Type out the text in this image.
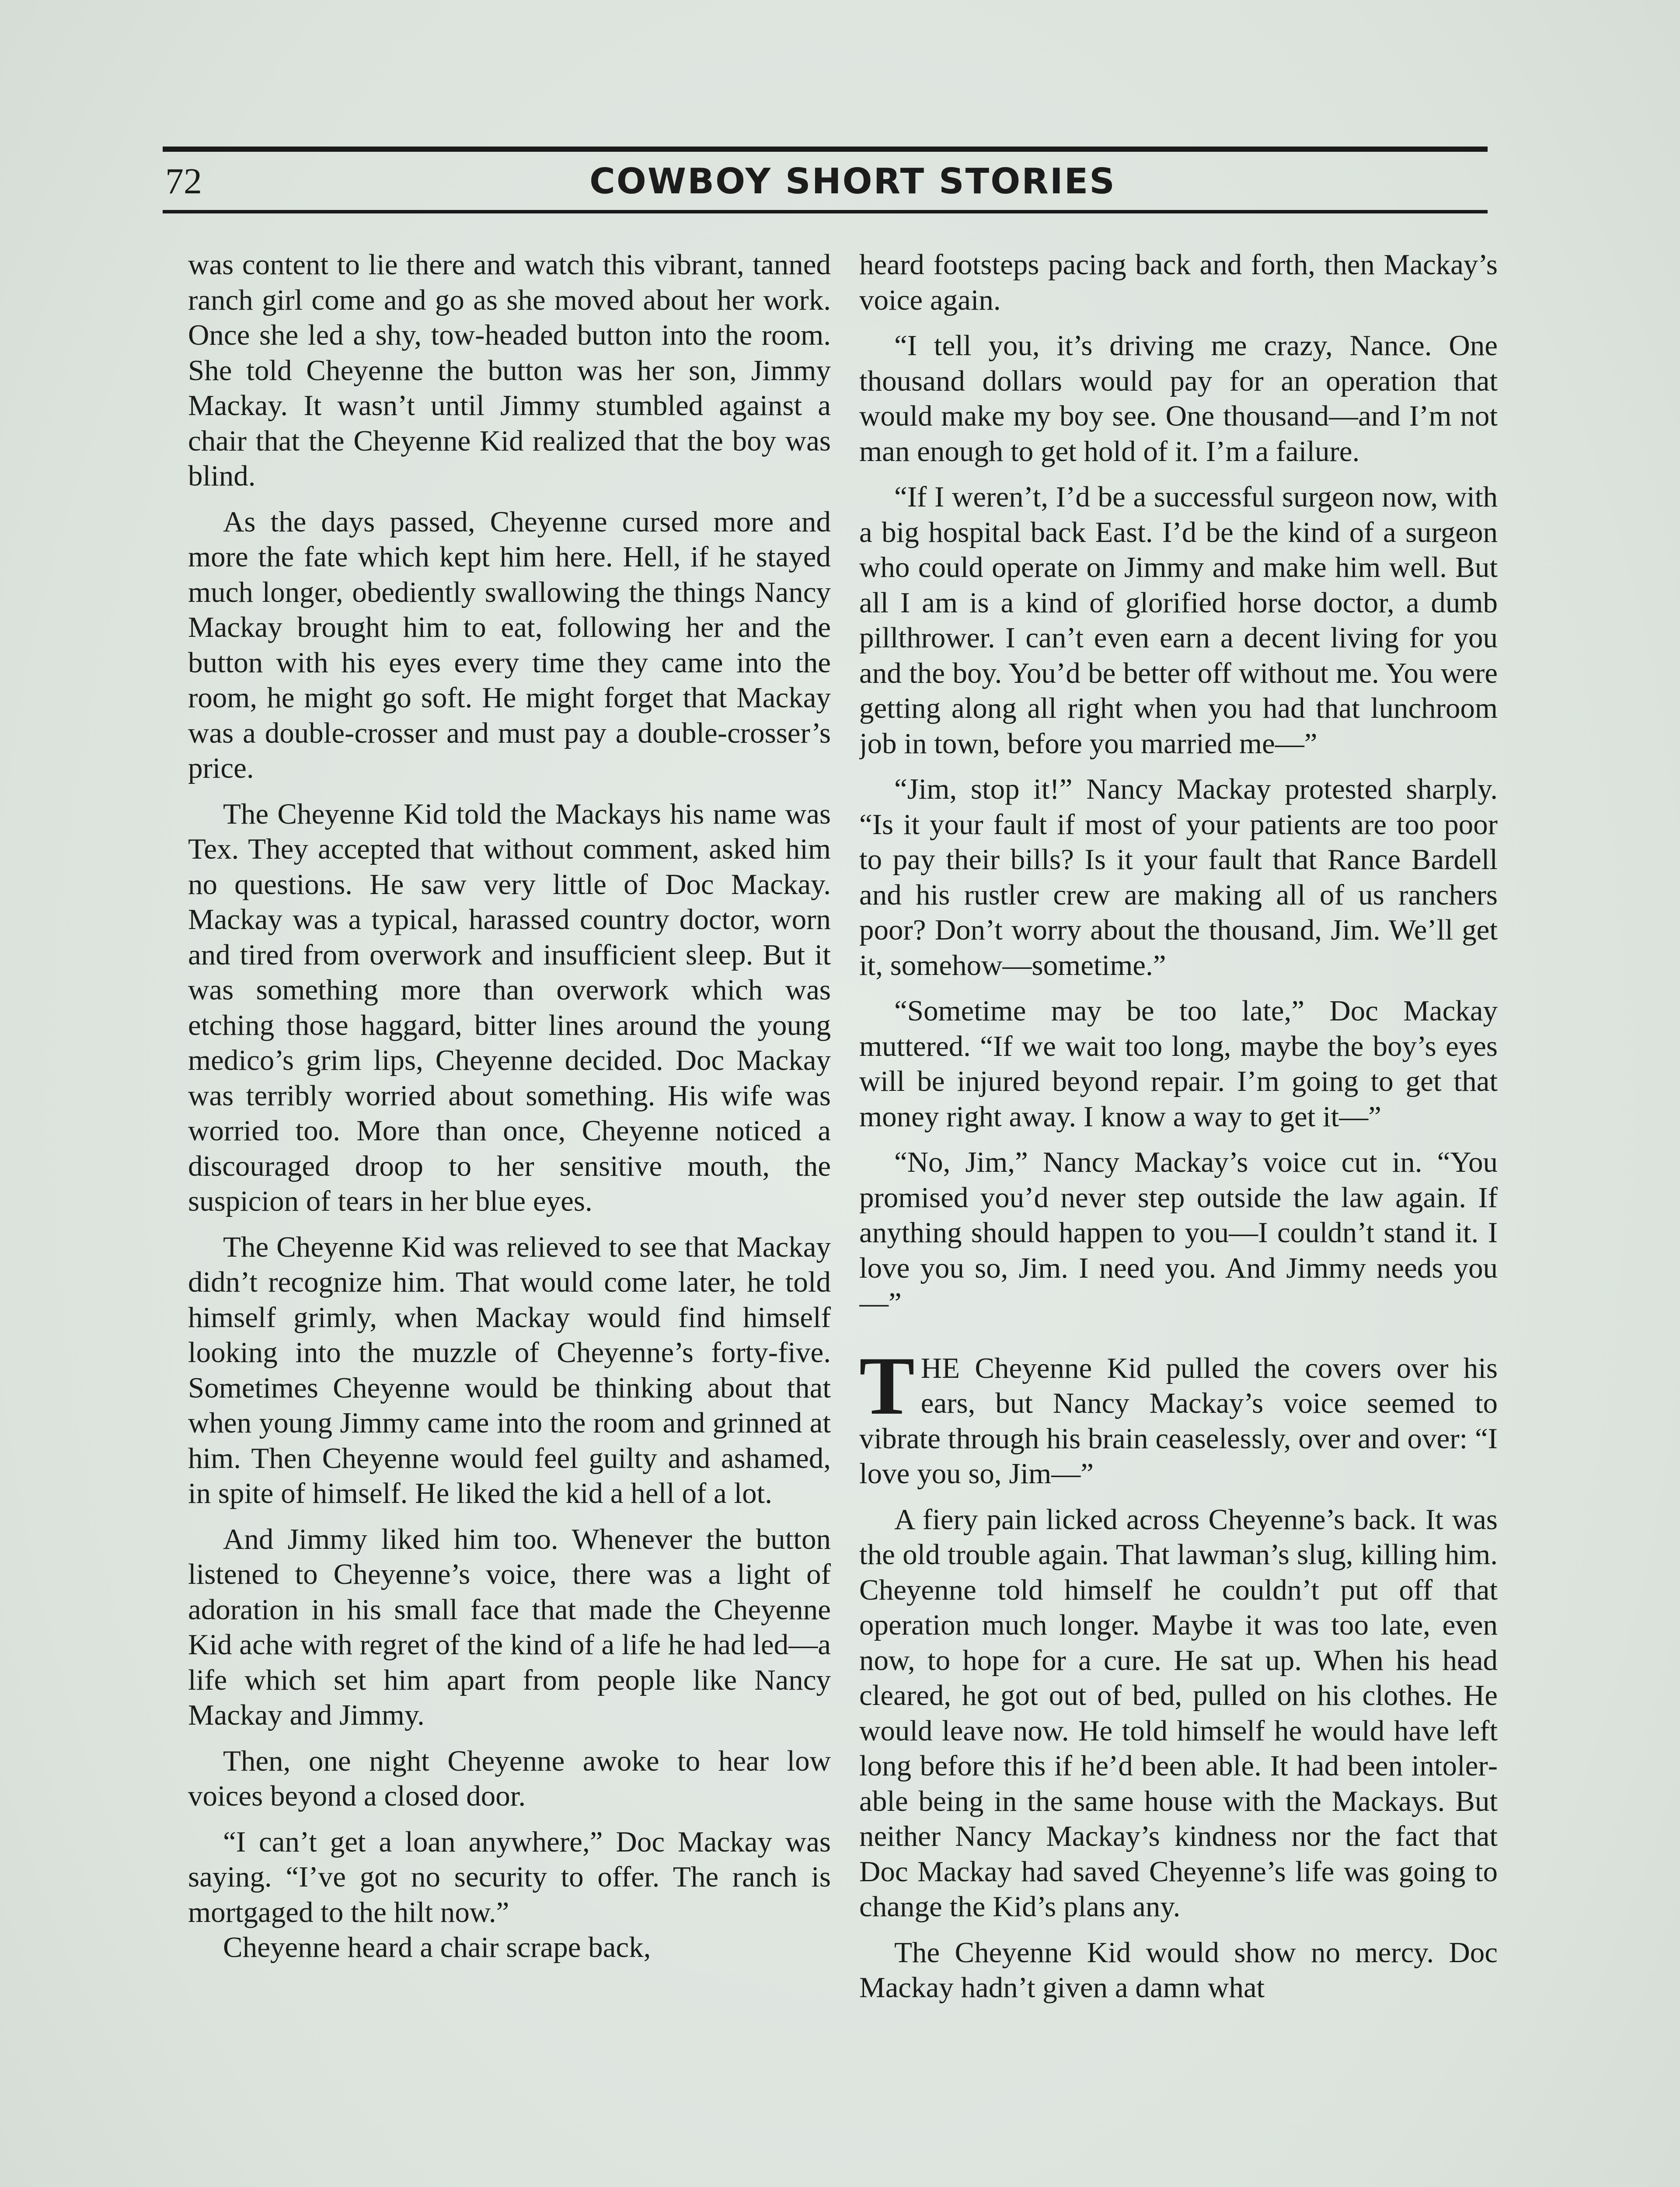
72	COWBOY SHORT STORIES

was content to lie there and watch this vibrant, tanned ranch girl come and go as she moved about her work. Once she led a shy, tow-headed button into the room. She told Cheyenne the button was her son, Jimmy Mackay. It wasn’t until Jimmy stumbled against a chair that the Cheyenne Kid realized that the boy was blind.

As the days passed, Cheyenne cursed more and more the fate which kept him here. Hell, if he stayed much longer, obediently swallowing the things Nancy Mackay brought him to eat, following her and the button with his eyes every time they came into the room, he might go soft. He might forget that Mackay was a double-crosser and must pay a double-crosser’s price.

The Cheyenne Kid told the Mackays his name was Tex. They accepted that without comment, asked him no questions. He saw very little of Doc Mackay. Mackay was a typical, harassed country doctor, worn and tired from overwork and insufficient sleep. But it was something more than overwork which was etching those haggard, bitter lines around the young medico’s grim lips, Cheyenne decided. Doc Mackay was terribly worried about something. His wife was worried too. More than once, Cheyenne noticed a discouraged droop to her sensitive mouth, the suspicion of tears in her blue eyes.

The Cheyenne Kid was relieved to see that Mackay didn’t recognize him. That would come later, he told himself grimly, when Mackay would find himself looking into the muzzle of Cheyenne’s forty-five. Sometimes Cheyenne would be thinking about that when young Jimmy came into the room and grinned at him. Then Cheyenne would feel guilty and ashamed, in spite of himself. He liked the kid a hell of a lot.

And Jimmy liked him too. Whenever the button listened to Cheyenne’s voice, there was a light of adoration in his small face that made the Cheyenne Kid ache with regret of the kind of a life he had led—a life which set him apart from people like Nancy Mackay and Jimmy.

Then, one night Cheyenne awoke to hear low voices beyond a closed door.

“I can’t get a loan anywhere,” Doc Mackay was saying. “I’ve got no security to offer. The ranch is mortgaged to the hilt now.”

Cheyenne heard a chair scrape back,

heard footsteps pacing back and forth, then Mackay’s voice again.

“I tell you, it’s driving me crazy, Nance. One thousand dollars would pay for an operation that would make my boy see. One thousand—and I’m not man enough to get hold of it. I’m a failure.

“If I weren’t, I’d be a successful surgeon now, with a big hospital back East. I’d be the kind of a surgeon who could operate on Jimmy and make him well. But all I am is a kind of glorified horse doctor, a dumb pillthrower. I can’t even earn a decent living for you and the boy. You’d be better off without me. You were getting along all right when you had that lunchroom job in town, before you married me—”

“Jim, stop it!” Nancy Mackay protested sharply. “Is it your fault if most of your patients are too poor to pay their bills? Is it your fault that Rance Bardell and his rustler crew are making all of us ranchers poor? Don’t worry about the thousand, Jim. We’ll get it, somehow—sometime.”

“Sometime may be too late,” Doc Mackay muttered. “If we wait too long, maybe the boy’s eyes will be injured beyond repair. I’m going to get that money right away. I know a way to get it—”

“No, Jim,” Nancy Mackay’s voice cut in. “You promised you’d never step outside the law again. If anything should happen to you—I couldn’t stand it. I love you so, Jim. I need you. And Jimmy needs you—”

THE Cheyenne Kid pulled the covers over his ears, but Nancy Mackay’s voice seemed to vibrate through his brain ceaselessly, over and over: “I love you so, Jim—”

A fiery pain licked across Cheyenne’s back. It was the old trouble again. That lawman’s slug, killing him. Cheyenne told himself he couldn’t put off that operation much longer. Maybe it was too late, even now, to hope for a cure. He sat up. When his head cleared, he got out of bed, pulled on his clothes. He would leave now. He told himself he would have left long before this if he’d been able. It had been intolerable being in the same house with the Mackays. But neither Nancy Mackay’s kindness nor the fact that Doc Mackay had saved Cheyenne’s life was going to change the Kid’s plans any.

The Cheyenne Kid would show no mercy. Doc Mackay hadn’t given a damn what
